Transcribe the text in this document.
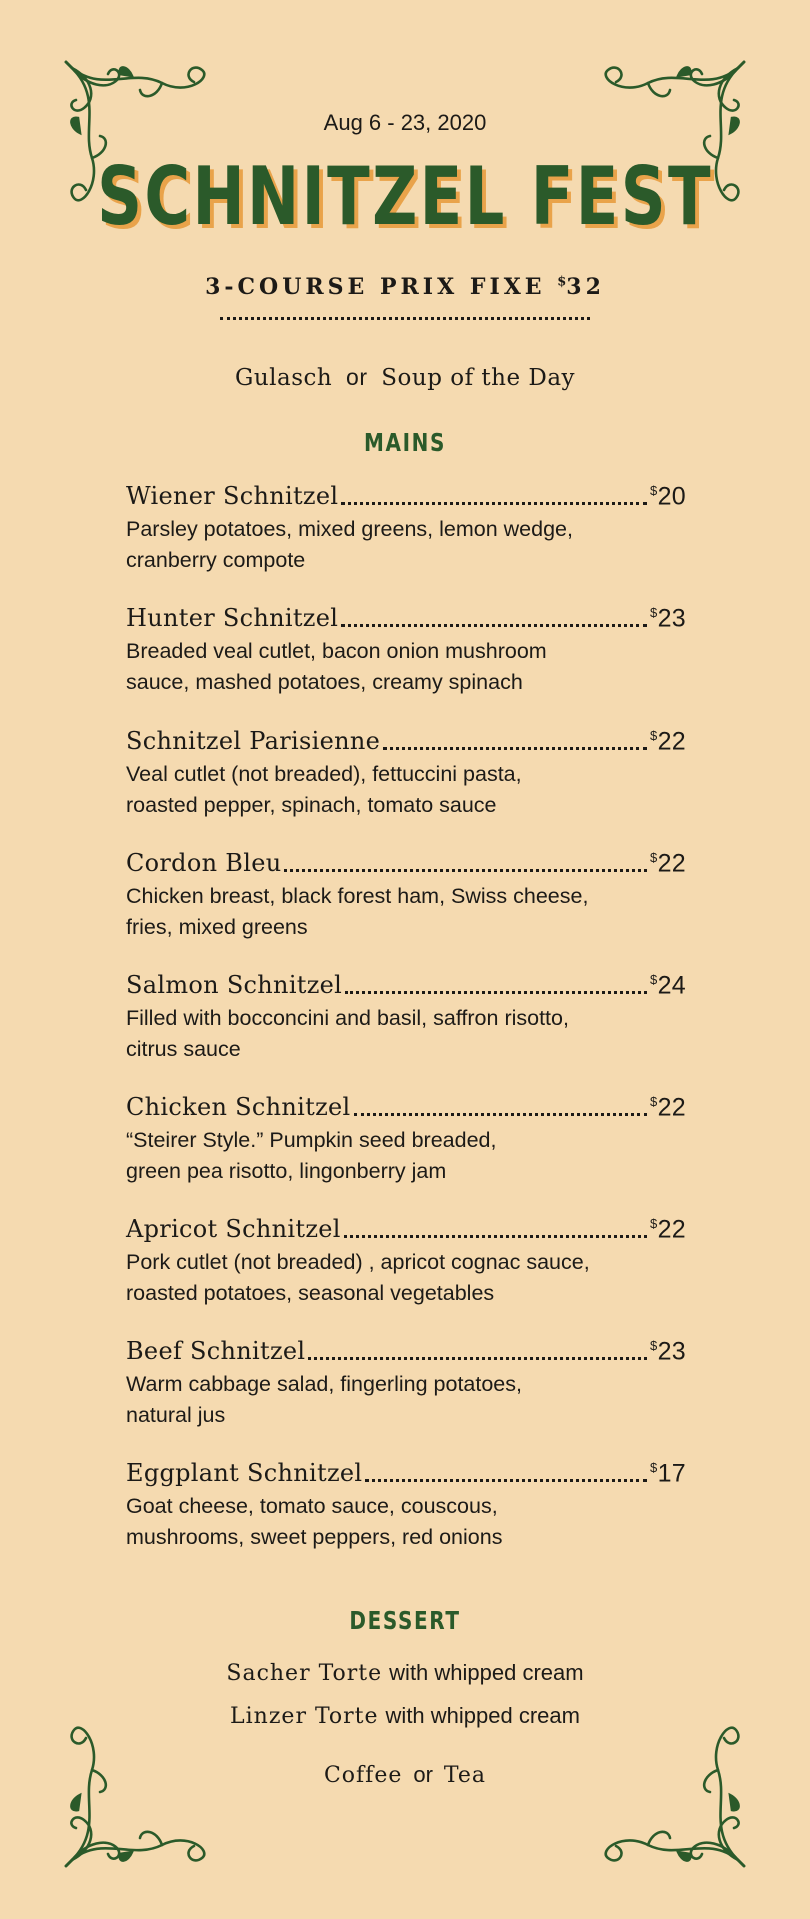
Aug 6 - 23, 2020
SCHNITZEL FEST
3-COURSE PRIX FIXE $32
Gulasch or Soup of the Day
MAINS
Wiener Schnitzel	$20
Parsley potatoes, mixed greens, lemon wedge,
cranberry compote
Hunter Schnitzel	$23
Breaded veal cutlet, bacon onion mushroom
sauce, mashed potatoes, creamy spinach
Schnitzel Parisienne	$22
Veal cutlet (not breaded), fettuccini pasta,
roasted pepper, spinach, tomato sauce
Cordon Bleu	$22
Chicken breast, black forest ham, Swiss cheese,
fries, mixed greens
Salmon Schnitzel	$24
Filled with bocconcini and basil, saffron risotto,
citrus sauce
Chicken Schnitzel	$22
“Steirer Style.” Pumpkin seed breaded,
green pea risotto, lingonberry jam
Apricot Schnitzel	$22
Pork cutlet (not breaded) , apricot cognac sauce,
roasted potatoes, seasonal vegetables
Beef Schnitzel	$23
Warm cabbage salad, fingerling potatoes,
natural jus
Eggplant Schnitzel	$17
Goat cheese, tomato sauce, couscous,
mushrooms, sweet peppers, red onions
DESSERT
Sacher Torte with whipped cream
Linzer Torte with whipped cream
Coffee or Tea
